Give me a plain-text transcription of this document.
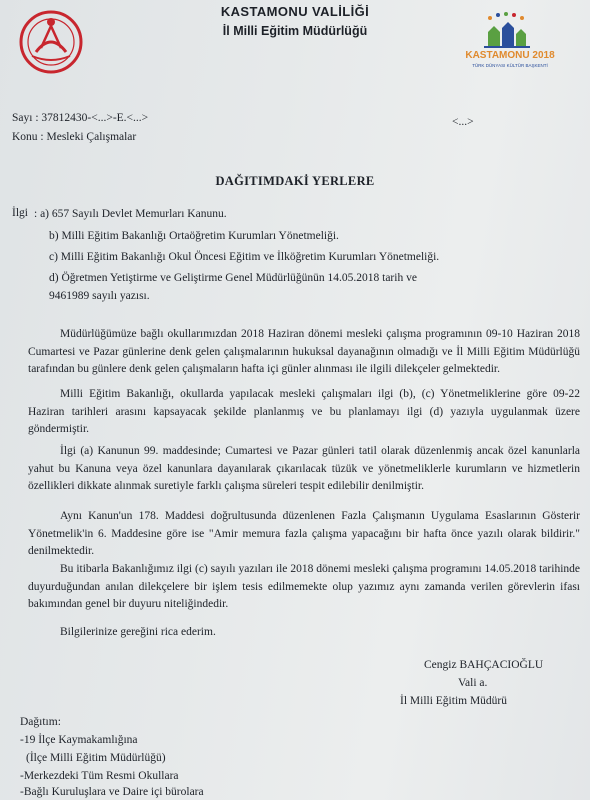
KASTAMONU VALİLİĞİ
İl Milli Eğitim Müdürlüğü
KASTAMONU 2018
TÜRK DÜNYASI KÜLTÜR BAŞKENTİ
Sayı : 37812430-<...>-E.<...>	<...>
Konu : Mesleki Çalışmalar
DAĞITIMDAKİ YERLERE
İlgi : a) 657 Sayılı Devlet Memurları Kanunu.
b) Milli Eğitim Bakanlığı Ortaöğretim Kurumları Yönetmeliği.
c) Milli Eğitim Bakanlığı Okul Öncesi Eğitim ve İlköğretim Kurumları Yönetmeliği.
d) Öğretmen Yetiştirme ve Geliştirme Genel Müdürlüğünün 14.05.2018 tarih ve
9461989 sayılı yazısı.
Müdürlüğümüze bağlı okullarımızdan 2018 Haziran dönemi mesleki çalışma programının 09-10 Haziran 2018 Cumartesi ve Pazar günlerine denk gelen çalışmalarının hukuksal dayanağının olmadığı ve İl Milli Eğitim Müdürlüğü tarafından bu günlere denk gelen çalışmaların hafta içi günler alınması ile ilgili dilekçeler gelmektedir.
Milli Eğitim Bakanlığı, okullarda yapılacak mesleki çalışmaları ilgi (b), (c) Yönetmeliklerine göre 09-22 Haziran tarihleri arasını kapsayacak şekilde planlanmış ve bu planlamayı ilgi (d) yazıyla uygulanmak üzere göndermiştir.
İlgi (a) Kanunun 99. maddesinde; Cumartesi ve Pazar günleri tatil olarak düzenlenmiş ancak özel kanunlarla yahut bu Kanuna veya özel kanunlara dayanılarak çıkarılacak tüzük ve yönetmeliklerle kurumların ve hizmetlerin özellikleri dikkate alınmak suretiyle farklı çalışma süreleri tespit edilebilir denilmiştir.
Aynı Kanun'un 178. Maddesi doğrultusunda düzenlenen Fazla Çalışmanın Uygulama Esaslarının Gösterir Yönetmelik'in 6. Maddesine göre ise "Amir memura fazla çalışma yapacağını bir hafta önce yazılı olarak bildirir." denilmektedir.
Bu itibarla Bakanlığımız ilgi (c) sayılı yazıları ile 2018 dönemi mesleki çalışma programını 14.05.2018 tarihinde duyurduğundan anılan dilekçelere bir işlem tesis edilmemekte olup yazımız aynı zamanda verilen görevlerin ifası bakımından genel bir duyuru niteliğindedir.
Bilgilerinize gereğini rica ederim.
Cengiz BAHÇACIOĞLU
Vali a.
İl Milli Eğitim Müdürü
Dağıtım:
-19 İlçe Kaymakamlığına
(İlçe Milli Eğitim Müdürlüğü)
-Merkezdeki Tüm Resmi Okullara
-Bağlı Kuruluşlara ve Daire içi bürolara
